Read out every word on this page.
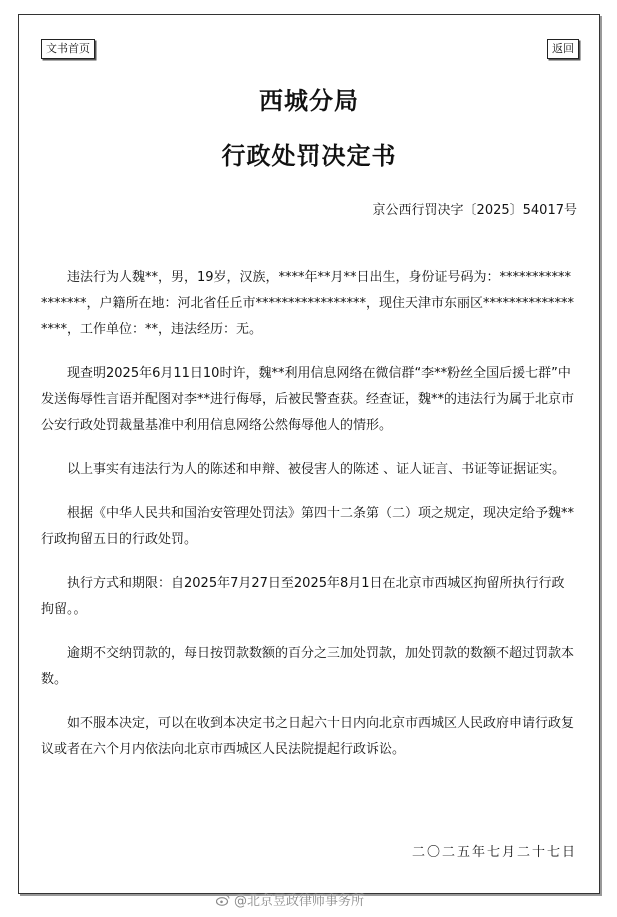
文书首页	返回
西城分局
行政处罚决定书
京公西行罚决字〔2025〕54017号

违法行为人魏**，男，19岁，汉族，****年**月**日出生，身份证号码为：******************，户籍所在地：河北省任丘市*****************，现住天津市东丽区******************，工作单位：**，违法经历：无。

现查明2025年6月11日10时许，魏**利用信息网络在微信群“李**粉丝全国后援七群”中发送侮辱性言语并配图对李**进行侮辱，后被民警查获。经查证，魏**的违法行为属于北京市公安行政处罚裁量基准中利用信息网络公然侮辱他人的情形。

以上事实有违法行为人的陈述和申辩、被侵害人的陈述 、证人证言、书证等证据证实。

根据《中华人民共和国治安管理处罚法》第四十二条第（二）项之规定，现决定给予魏**行政拘留五日的行政处罚。

执行方式和期限：自2025年7月27日至2025年8月1日在北京市西城区拘留所执行行政拘留。。

逾期不交纳罚款的，每日按罚款数额的百分之三加处罚款，加处罚款的数额不超过罚款本数。

如不服本决定，可以在收到本决定书之日起六十日内向北京市西城区人民政府申请行政复议或者在六个月内依法向北京市西城区人民法院提起行政诉讼。

二〇二五年七月二十七日
@北京昱政律师事务所
